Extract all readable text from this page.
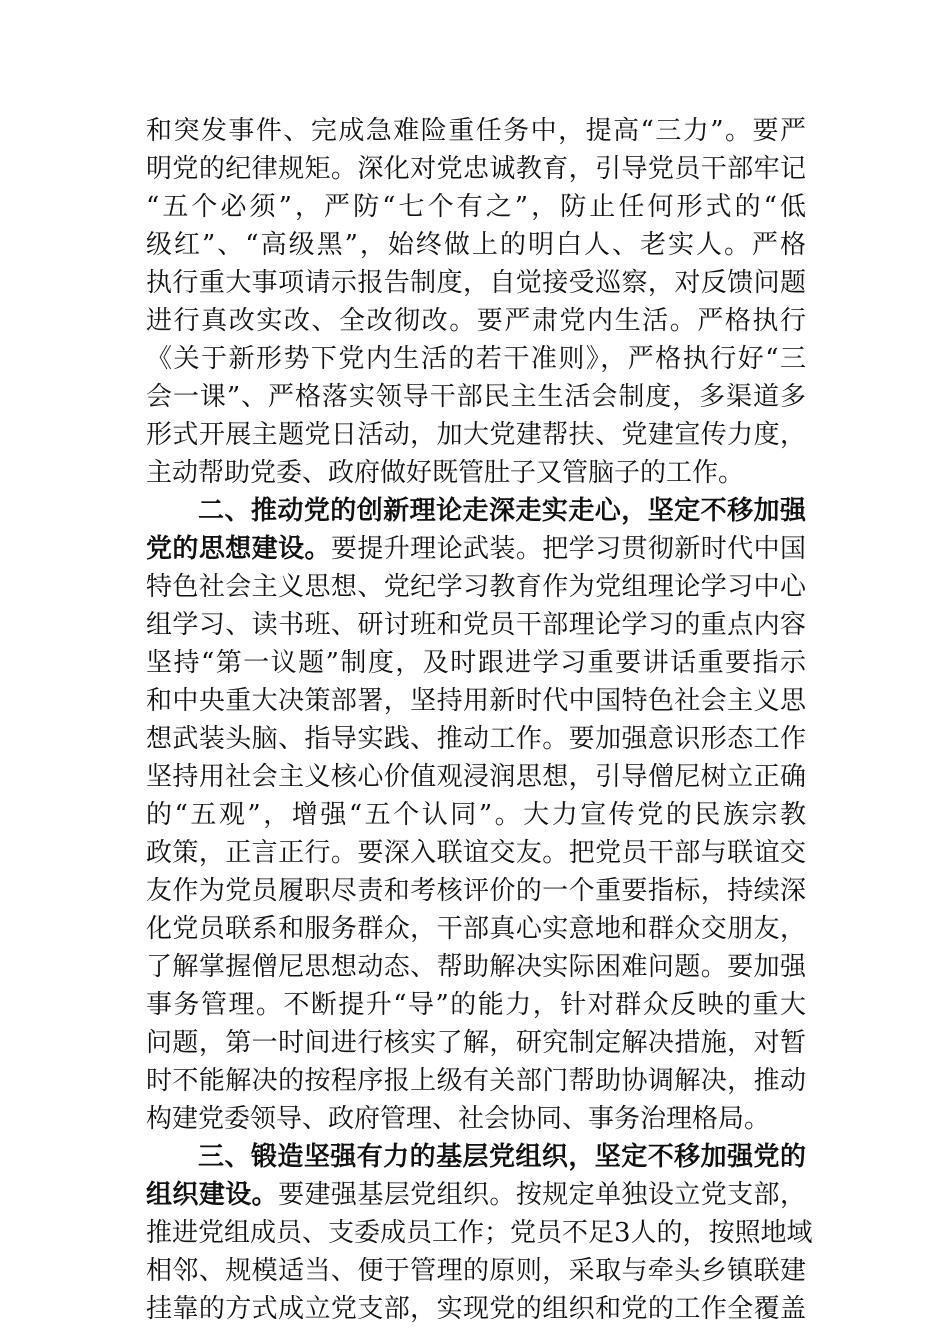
和突发事件、完成急难险重任务中，提高“三力”。要严
明党的纪律规矩。深化对党忠诚教育，引导党员干部牢记
“五个必须”，严防“七个有之”，防止任何形式的“低
级红”、“高级黑”，始终做上的明白人、老实人。严格
执行重大事项请示报告制度，自觉接受巡察，对反馈问题
进行真改实改、全改彻改。要严肃党内生活。严格执行
《关于新形势下党内生活的若干准则》，严格执行好“三
会一课”、严格落实领导干部民主生活会制度，多渠道多
形式开展主题党日活动，加大党建帮扶、党建宣传力度，
主动帮助党委、政府做好既管肚子又管脑子的工作。
二、推动党的创新理论走深走实走心，坚定不移加强
党的思想建设。要提升理论武装。把学习贯彻新时代中国
特色社会主义思想、党纪学习教育作为党组理论学习中心
组学习、读书班、研讨班和党员干部理论学习的重点内容
坚持“第一议题”制度，及时跟进学习重要讲话重要指示
和中央重大决策部署，坚持用新时代中国特色社会主义思
想武装头脑、指导实践、推动工作。要加强意识形态工作
坚持用社会主义核心价值观浸润思想，引导僧尼树立正确
的“五观”，增强“五个认同”。大力宣传党的民族宗教
政策，正言正行。要深入联谊交友。把党员干部与联谊交
友作为党员履职尽责和考核评价的一个重要指标，持续深
化党员联系和服务群众，干部真心实意地和群众交朋友，
了解掌握僧尼思想动态、帮助解决实际困难问题。要加强
事务管理。不断提升“导”的能力，针对群众反映的重大
问题，第一时间进行核实了解，研究制定解决措施，对暂
时不能解决的按程序报上级有关部门帮助协调解决，推动
构建党委领导、政府管理、社会协同、事务治理格局。
三、锻造坚强有力的基层党组织，坚定不移加强党的
组织建设。要建强基层党组织。按规定单独设立党支部，
推进党组成员、支委成员工作；党员不足3人的，按照地域
相邻、规模适当、便于管理的原则，采取与牵头乡镇联建
挂靠的方式成立党支部，实现党的组织和党的工作全覆盖
